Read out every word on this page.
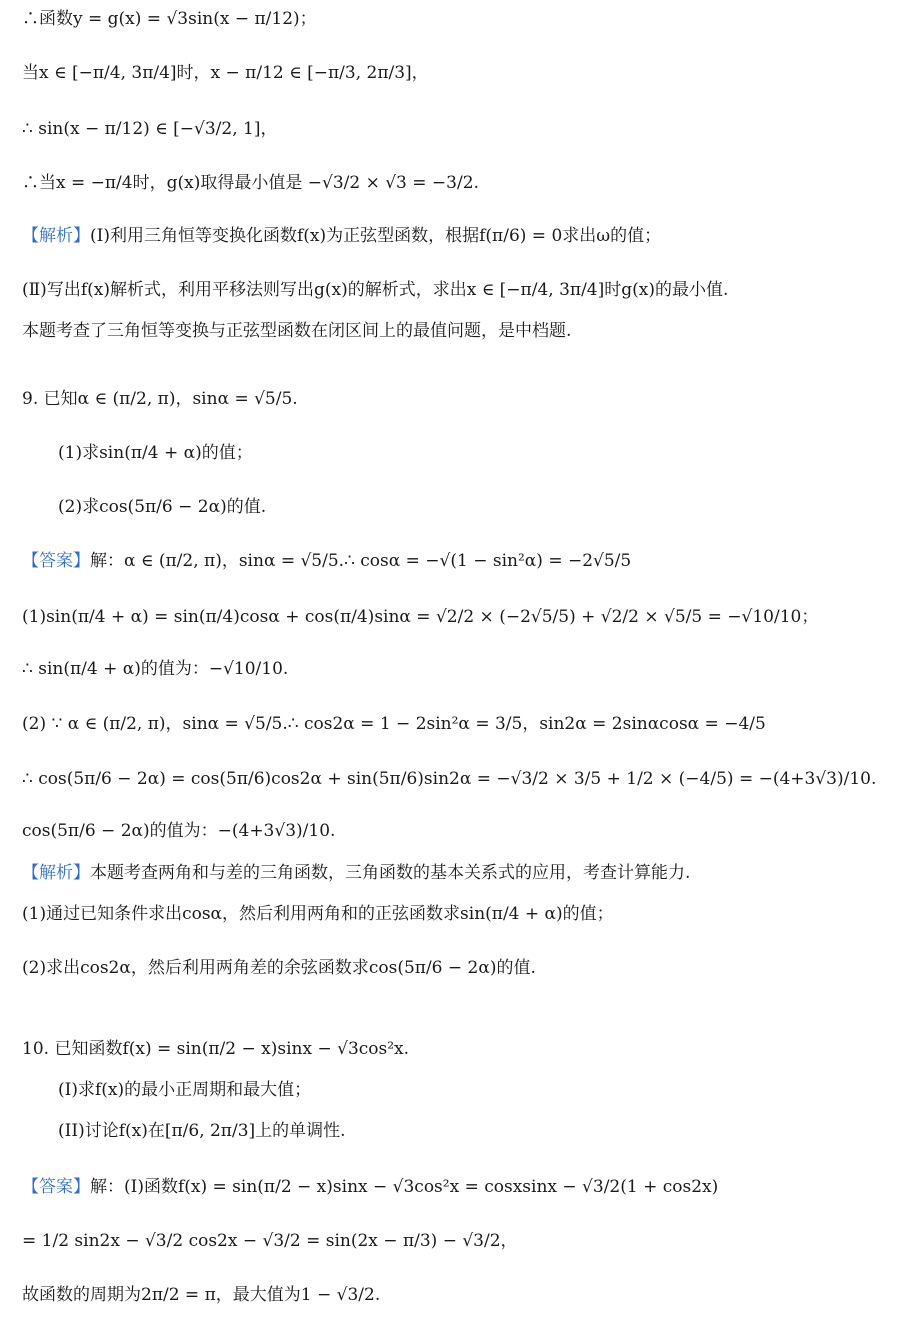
∴函数y = g(x) = √3sin(x − π/12)；
当x ∈ [−π/4, 3π/4]时，x − π/12 ∈ [−π/3, 2π/3]，
∴ sin(x − π/12) ∈ [−√3/2, 1]，
∴当x = −π/4时，g(x)取得最小值是 −√3/2 × √3 = −3/2.
【解析】(Ⅰ)利用三角恒等变换化函数f(x)为正弦型函数，根据f(π/6) = 0求出ω的值；
(Ⅱ)写出f(x)解析式，利用平移法则写出g(x)的解析式，求出x ∈ [−π/4, 3π/4]时g(x)的最小值.
本题考查了三角恒等变换与正弦型函数在闭区间上的最值问题，是中档题.
9. 已知α ∈ (π/2, π)，sinα = √5/5.
(1)求sin(π/4 + α)的值；
(2)求cos(5π/6 − 2α)的值.
【答案】解：α ∈ (π/2, π)，sinα = √5/5.∴ cosα = −√(1 − sin²α) = −2√5/5
(1)sin(π/4 + α) = sin(π/4)cosα + cos(π/4)sinα = √2/2 × (−2√5/5) + √2/2 × √5/5 = −√10/10；
∴ sin(π/4 + α)的值为：−√10/10.
(2) ∵ α ∈ (π/2, π)，sinα = √5/5.∴ cos2α = 1 − 2sin²α = 3/5，sin2α = 2sinαcosα = −4/5
∴ cos(5π/6 − 2α) = cos(5π/6)cos2α + sin(5π/6)sin2α = −√3/2 × 3/5 + 1/2 × (−4/5) = −(4+3√3)/10.
cos(5π/6 − 2α)的值为：−(4+3√3)/10.
【解析】本题考查两角和与差的三角函数，三角函数的基本关系式的应用，考查计算能力.
(1)通过已知条件求出cosα，然后利用两角和的正弦函数求sin(π/4 + α)的值；
(2)求出cos2α，然后利用两角差的余弦函数求cos(5π/6 − 2α)的值.
10. 已知函数f(x) = sin(π/2 − x)sinx − √3cos²x.
(I)求f(x)的最小正周期和最大值；
(II)讨论f(x)在[π/6, 2π/3]上的单调性.
【答案】解：(Ⅰ)函数f(x) = sin(π/2 − x)sinx − √3cos²x = cosxsinx − √3/2(1 + cos2x)
= 1/2 sin2x − √3/2 cos2x − √3/2 = sin(2x − π/3) − √3/2，
故函数的周期为2π/2 = π，最大值为1 − √3/2.
